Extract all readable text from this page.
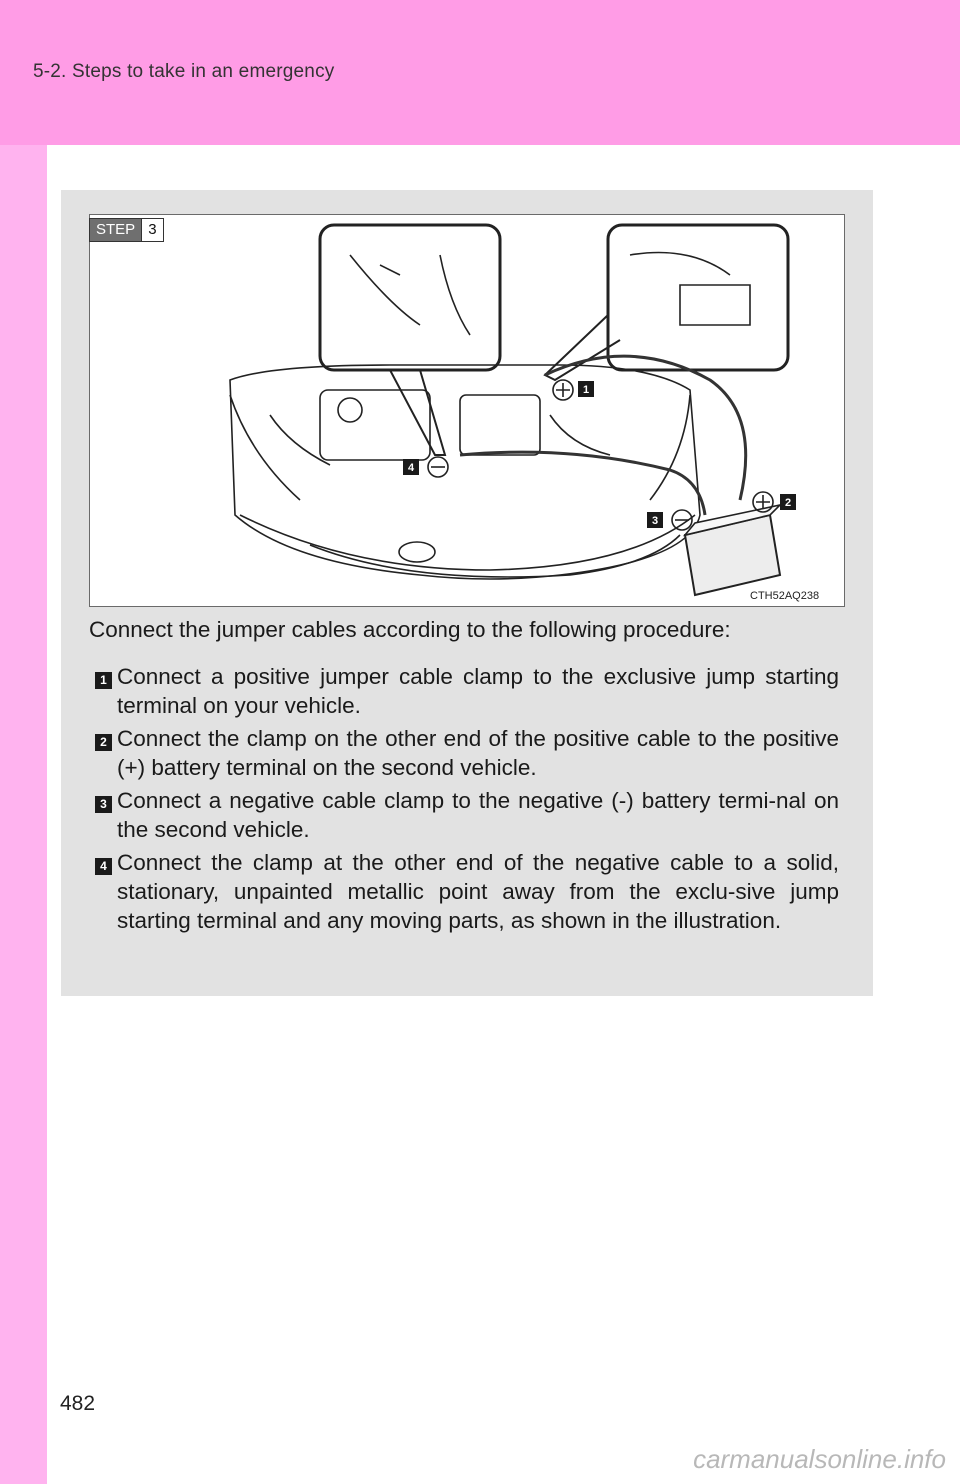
5-2. Steps to take in an emergency
1
2
3
4
STEP 3
CTH52AQ238
Connect the jumper cables according to the following procedure:
1 Connect a positive jumper cable clamp to the exclusive jump starting terminal on your vehicle.
2 Connect the clamp on the other end of the positive cable to the positive (+) battery terminal on the second vehicle.
3 Connect a negative cable clamp to the negative (-) battery termi-nal on the second vehicle.
4 Connect the clamp at the other end of the negative cable to a solid, stationary, unpainted metallic point away from the exclu-sive jump starting terminal and any moving parts, as shown in the illustration.
482
carmanualsonline.info
